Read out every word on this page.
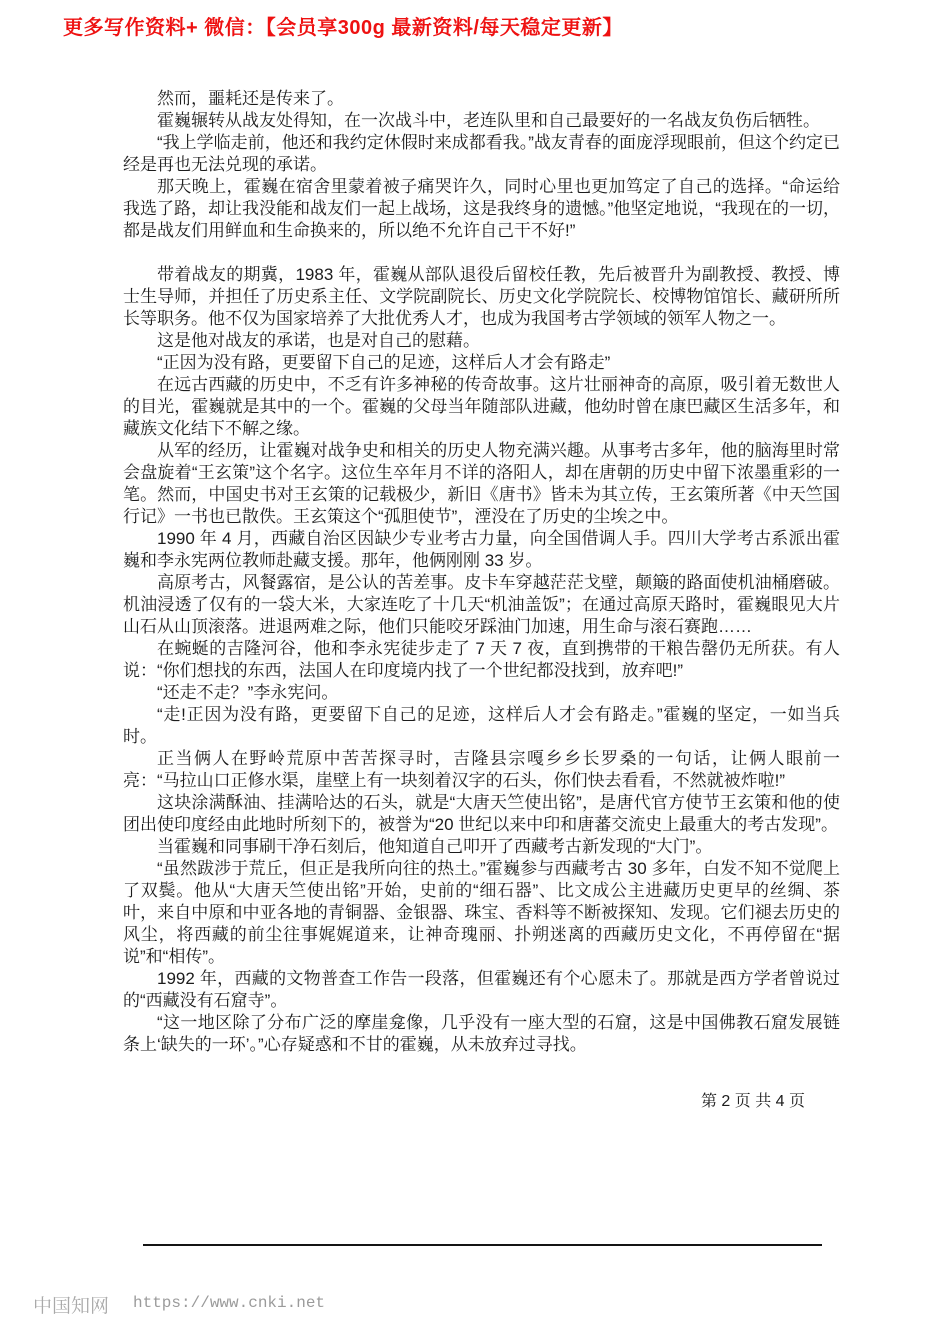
更多写作资料+ 微信：【会员享300g 最新资料/每天稳定更新】

然而，噩耗还是传来了。

霍巍辗转从战友处得知，在一次战斗中，老连队里和自己最要好的一名战友负伤后牺牲。

“我上学临走前，他还和我约定休假时来成都看我。”战友青春的面庞浮现眼前，但这个约定已经是再也无法兑现的承诺。

那天晚上，霍巍在宿舍里蒙着被子痛哭许久，同时心里也更加笃定了自己的选择。“命运给我选了路，却让我没能和战友们一起上战场，这是我终身的遗憾。”他坚定地说，“我现在的一切，都是战友们用鲜血和生命换来的，所以绝不允许自己干不好!”

带着战友的期冀，1983 年，霍巍从部队退役后留校任教，先后被晋升为副教授、教授、博士生导师，并担任了历史系主任、文学院副院长、历史文化学院院长、校博物馆馆长、藏研所所长等职务。他不仅为国家培养了大批优秀人才，也成为我国考古学领域的领军人物之一。

这是他对战友的承诺，也是对自己的慰藉。

“正因为没有路，更要留下自己的足迹，这样后人才会有路走”

在远古西藏的历史中，不乏有许多神秘的传奇故事。这片壮丽神奇的高原，吸引着无数世人的目光，霍巍就是其中的一个。霍巍的父母当年随部队进藏，他幼时曾在康巴藏区生活多年，和藏族文化结下不解之缘。

从军的经历，让霍巍对战争史和相关的历史人物充满兴趣。从事考古多年，他的脑海里时常会盘旋着“王玄策”这个名字。这位生卒年月不详的洛阳人，却在唐朝的历史中留下浓墨重彩的一笔。然而，中国史书对王玄策的记载极少，新旧《唐书》皆未为其立传，王玄策所著《中天竺国行记》一书也已散佚。王玄策这个“孤胆使节”，湮没在了历史的尘埃之中。

1990 年 4 月，西藏自治区因缺少专业考古力量，向全国借调人手。四川大学考古系派出霍巍和李永宪两位教师赴藏支援。那年，他俩刚刚 33 岁。

高原考古，风餐露宿，是公认的苦差事。皮卡车穿越茫茫戈壁，颠簸的路面使机油桶磨破。机油浸透了仅有的一袋大米，大家连吃了十几天“机油盖饭”；在通过高原天路时，霍巍眼见大片山石从山顶滚落。进退两难之际，他们只能咬牙踩油门加速，用生命与滚石赛跑……

在蜿蜒的吉隆河谷，他和李永宪徒步走了 7 天 7 夜，直到携带的干粮告罄仍无所获。有人说：“你们想找的东西，法国人在印度境内找了一个世纪都没找到，放弃吧!”

“还走不走？”李永宪问。

“走!正因为没有路，更要留下自己的足迹，这样后人才会有路走。”霍巍的坚定，一如当兵时。

正当俩人在野岭荒原中苦苦探寻时，吉隆县宗嘎乡乡长罗桑的一句话，让俩人眼前一亮：“马拉山口正修水渠，崖壁上有一块刻着汉字的石头，你们快去看看，不然就被炸啦!”

这块涂满酥油、挂满哈达的石头，就是“大唐天竺使出铭”，是唐代官方使节王玄策和他的使团出使印度经由此地时所刻下的，被誉为“20 世纪以来中印和唐蕃交流史上最重大的考古发现”。

当霍巍和同事刷干净石刻后，他知道自己叩开了西藏考古新发现的“大门”。

“虽然跋涉于荒丘，但正是我所向往的热土。”霍巍参与西藏考古 30 多年，白发不知不觉爬上了双鬓。他从“大唐天竺使出铭”开始，史前的“细石器”、比文成公主进藏历史更早的丝绸、茶叶，来自中原和中亚各地的青铜器、金银器、珠宝、香料等不断被探知、发现。它们褪去历史的风尘，将西藏的前尘往事娓娓道来，让神奇瑰丽、扑朔迷离的西藏历史文化，不再停留在“据说”和“相传”。

1992 年，西藏的文物普查工作告一段落，但霍巍还有个心愿未了。那就是西方学者曾说过的“西藏没有石窟寺”。

“这一地区除了分布广泛的摩崖龛像，几乎没有一座大型的石窟，这是中国佛教石窟发展链条上‘缺失的一环’。”心存疑惑和不甘的霍巍，从未放弃过寻找。

第 2 页 共 4 页
中国知网 https://www.cnki.net
